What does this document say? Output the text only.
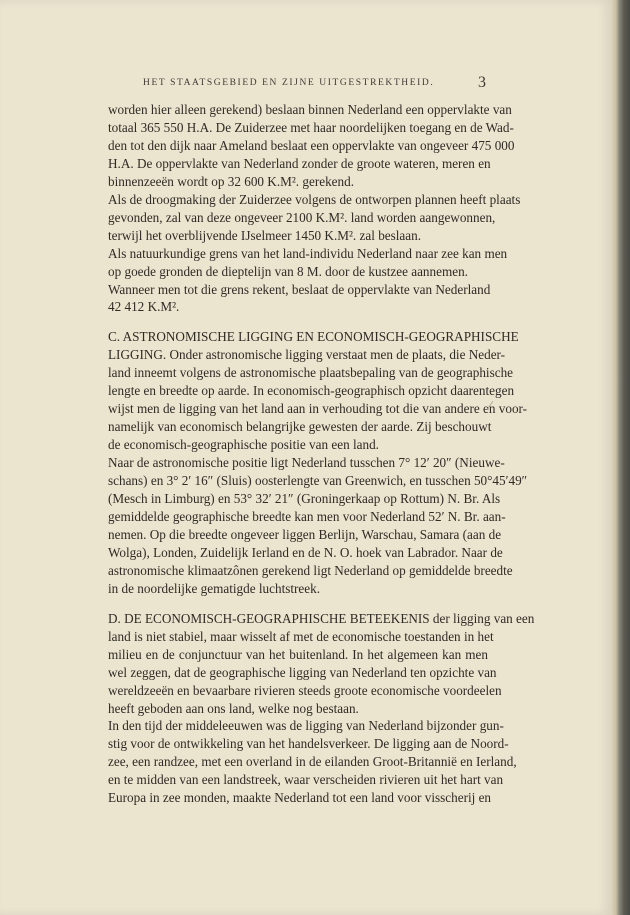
HET STAATSGEBIED EN ZIJNE UITGESTREKTHEID.	3
worden hier alleen gerekend) beslaan binnen Nederland een oppervlakte van
totaal 365 550 H.A. De Zuiderzee met haar noordelijken toegang en de Wad-
den tot den dijk naar Ameland beslaat een oppervlakte van ongeveer 475 000
H.A. De oppervlakte van Nederland zonder de groote wateren, meren en
binnenzeeën wordt op 32 600 K.M². gerekend.
Als de droogmaking der Zuiderzee volgens de ontworpen plannen heeft plaats
gevonden, zal van deze ongeveer 2100 K.M². land worden aangewonnen,
terwijl het overblijvende IJselmeer 1450 K.M². zal beslaan.
Als natuurkundige grens van het land-individu Nederland naar zee kan men
op goede gronden de dieptelijn van 8 M. door de kustzee aannemen.
Wanneer men tot die grens rekent, beslaat de oppervlakte van Nederland
42 412 K.M².
C. ASTRONOMISCHE LIGGING EN ECONOMISCH-GEOGRAPHISCHE
LIGGING. Onder astronomische ligging verstaat men de plaats, die Neder-
land inneemt volgens de astronomische plaatsbepaling van de geographische
lengte en breedte op aarde. In economisch-geographisch opzicht daarentegen
wijst men de ligging van het land aan in verhouding tot die van andere en voor-
namelijk van economisch belangrijke gewesten der aarde. Zij beschouwt
de economisch-geographische positie van een land.
Naar de astronomische positie ligt Nederland tusschen 7° 12′ 20″ (Nieuwe-
schans) en 3° 2′ 16″ (Sluis) oosterlengte van Greenwich, en tusschen 50°45′49″
(Mesch in Limburg) en 53° 32′ 21″ (Groningerkaap op Rottum) N. Br. Als
gemiddelde geographische breedte kan men voor Nederland 52′ N. Br. aan-
nemen. Op die breedte ongeveer liggen Berlijn, Warschau, Samara (aan de
Wolga), Londen, Zuidelijk Ierland en de N. O. hoek van Labrador. Naar de
astronomische klimaatzônen gerekend ligt Nederland op gemiddelde breedte
in de noordelijke gematigde luchtstreek.
D. DE ECONOMISCH-GEOGRAPHISCHE BETEEKENIS der ligging van een
land is niet stabiel, maar wisselt af met de economische toestanden in het
milieu en de conjunctuur van het buitenland. In het algemeen kan men
wel zeggen, dat de geographische ligging van Nederland ten opzichte van
wereldzeeën en bevaarbare rivieren steeds groote economische voordeelen
heeft geboden aan ons land, welke nog bestaan.
In den tijd der middeleeuwen was de ligging van Nederland bijzonder gun-
stig voor de ontwikkeling van het handelsverkeer. De ligging aan de Noord-
zee, een randzee, met een overland in de eilanden Groot-Britannië en Ierland,
en te midden van een landstreek, waar verscheiden rivieren uit het hart van
Europa in zee monden, maakte Nederland tot een land voor visscherij en
